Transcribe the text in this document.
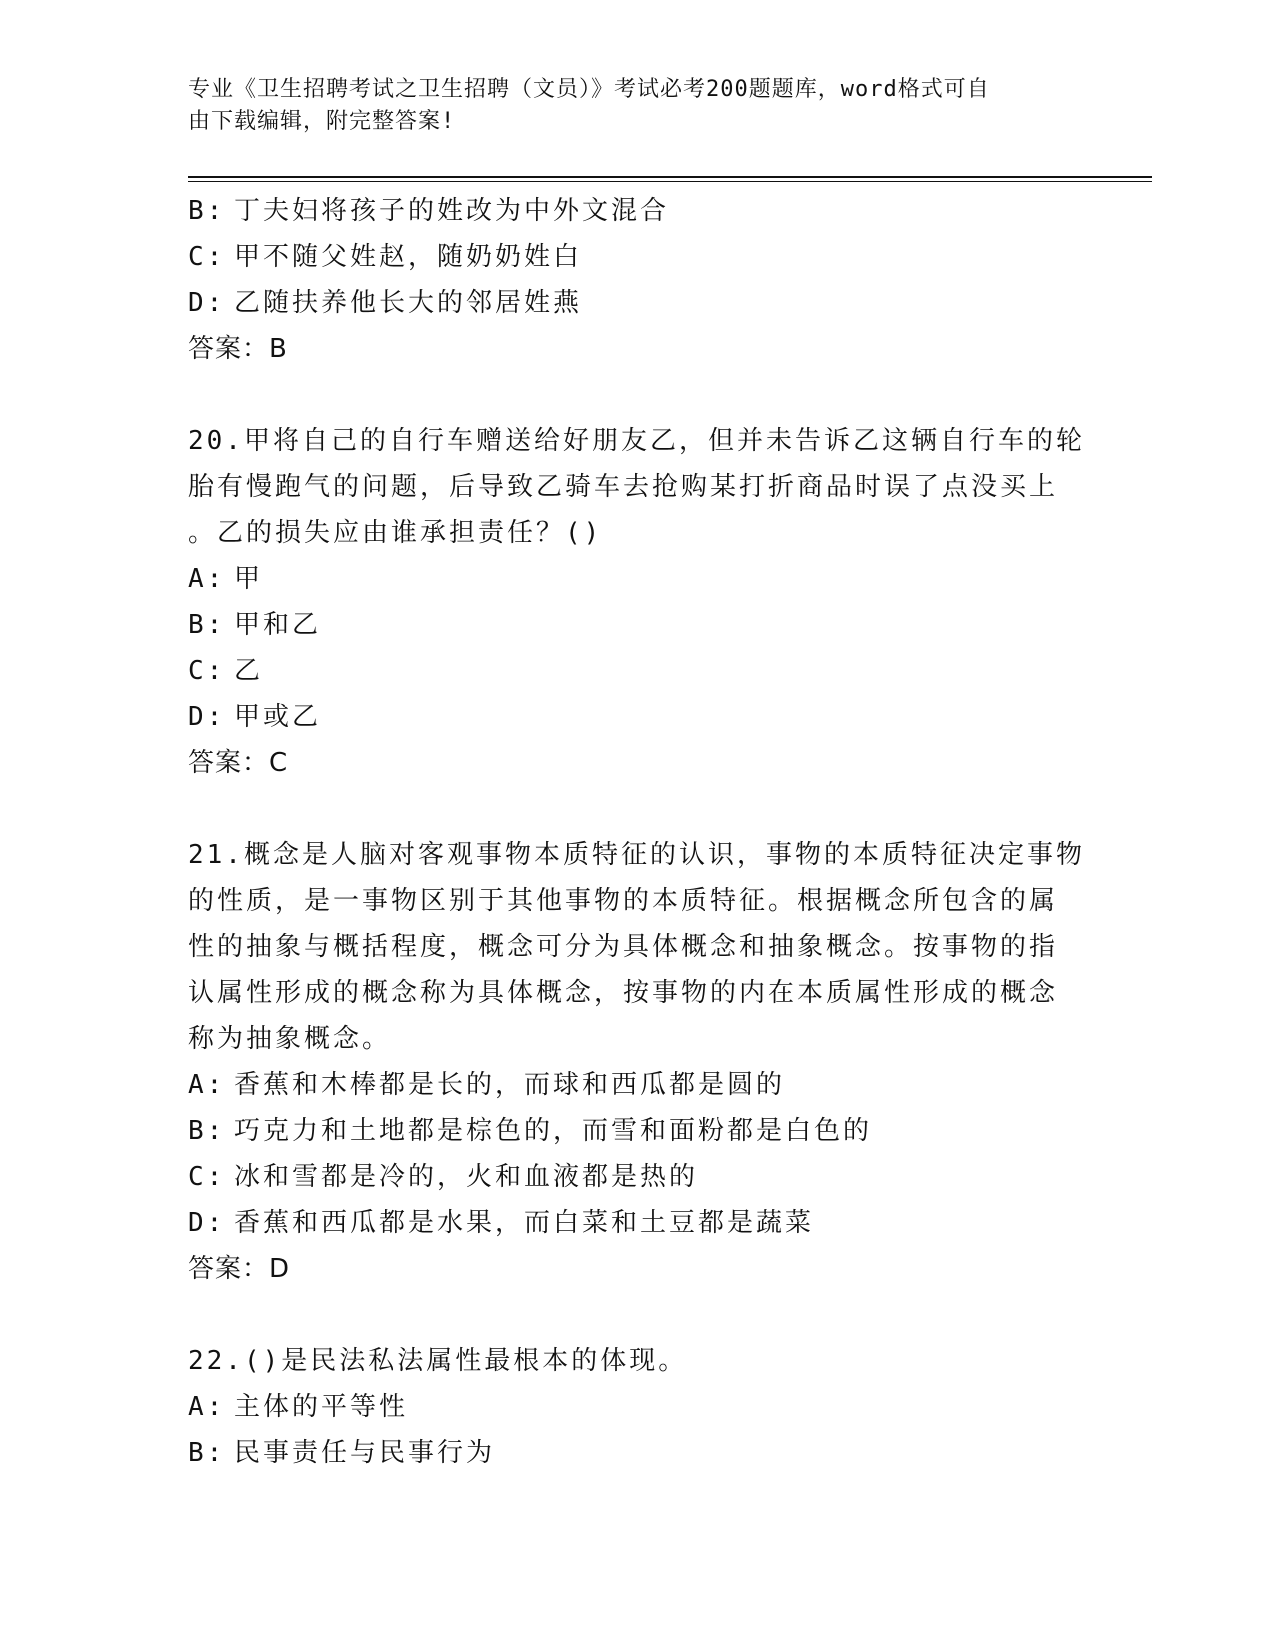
专业《卫生招聘考试之卫生招聘（文员）》考试必考200题题库，word格式可自
由下载编辑，附完整答案!
B: 丁夫妇将孩子的姓改为中外文混合
C: 甲不随父姓赵，随奶奶姓白
D: 乙随扶养他长大的邻居姓燕
答案：B
20.甲将自己的自行车赠送给好朋友乙，但并未告诉乙这辆自行车的轮
胎有慢跑气的问题，后导致乙骑车去抢购某打折商品时误了点没买上
。乙的损失应由谁承担责任？()
A: 甲
B: 甲和乙
C: 乙
D: 甲或乙
答案：C
21.概念是人脑对客观事物本质特征的认识，事物的本质特征决定事物
的性质，是一事物区别于其他事物的本质特征。根据概念所包含的属
性的抽象与概括程度，概念可分为具体概念和抽象概念。按事物的指
认属性形成的概念称为具体概念，按事物的内在本质属性形成的概念
称为抽象概念。
A: 香蕉和木棒都是长的，而球和西瓜都是圆的
B: 巧克力和土地都是棕色的，而雪和面粉都是白色的
C: 冰和雪都是冷的，火和血液都是热的
D: 香蕉和西瓜都是水果，而白菜和土豆都是蔬菜
答案：D
22.()是民法私法属性最根本的体现。
A: 主体的平等性
B: 民事责任与民事行为
